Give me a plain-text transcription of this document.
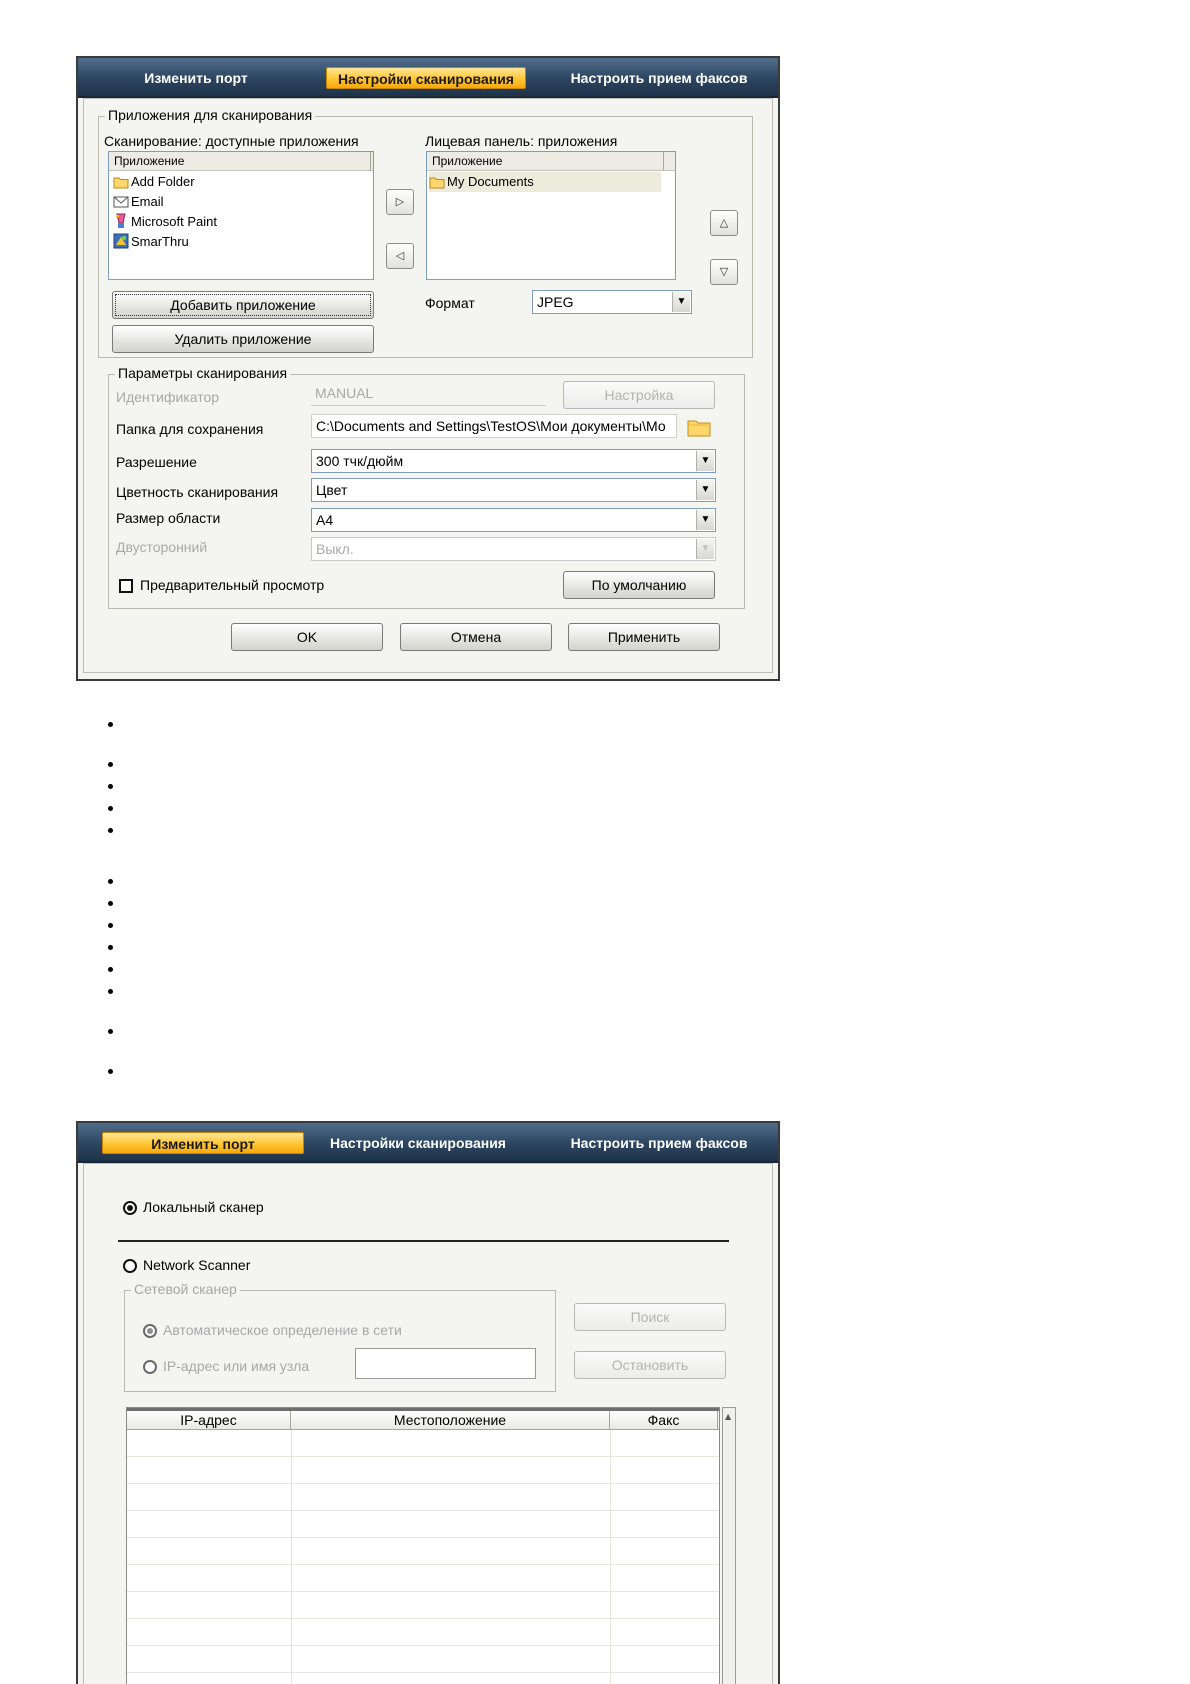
Изменить порт	Настройки сканирования	Настроить прием факсов
Приложения для сканирования
Сканирование: доступные приложения	Лицевая панель: приложения
Приложение
Add Folder
Email
Microsoft Paint
SmarThru
▷
◁
Приложение
My Documents
△
▽
Добавить приложение
Удалить приложение
Формат	JPEG	▼
Параметры сканирования
Идентификатор	MANUAL	Настройка
Папка для сохранения	C:\Documents and Settings\TestOS\Мои документы\Мо
Разрешение	300 тчк/дюйм	▼
Цветность сканирования	Цвет	▼
Размер области	A4	▼
Двусторонний	Выкл.	▼
Предварительный просмотр	По умолчанию
OK	Отмена	Применить
Изменить порт	Настройки сканирования	Настроить прием факсов
Локальный сканер
Network Scanner
Сетевой сканер
Автоматическое определение в сети
IP-адрес или имя узла
Поиск
Остановить
IP-адрес	Местоположение	Факс	▲
